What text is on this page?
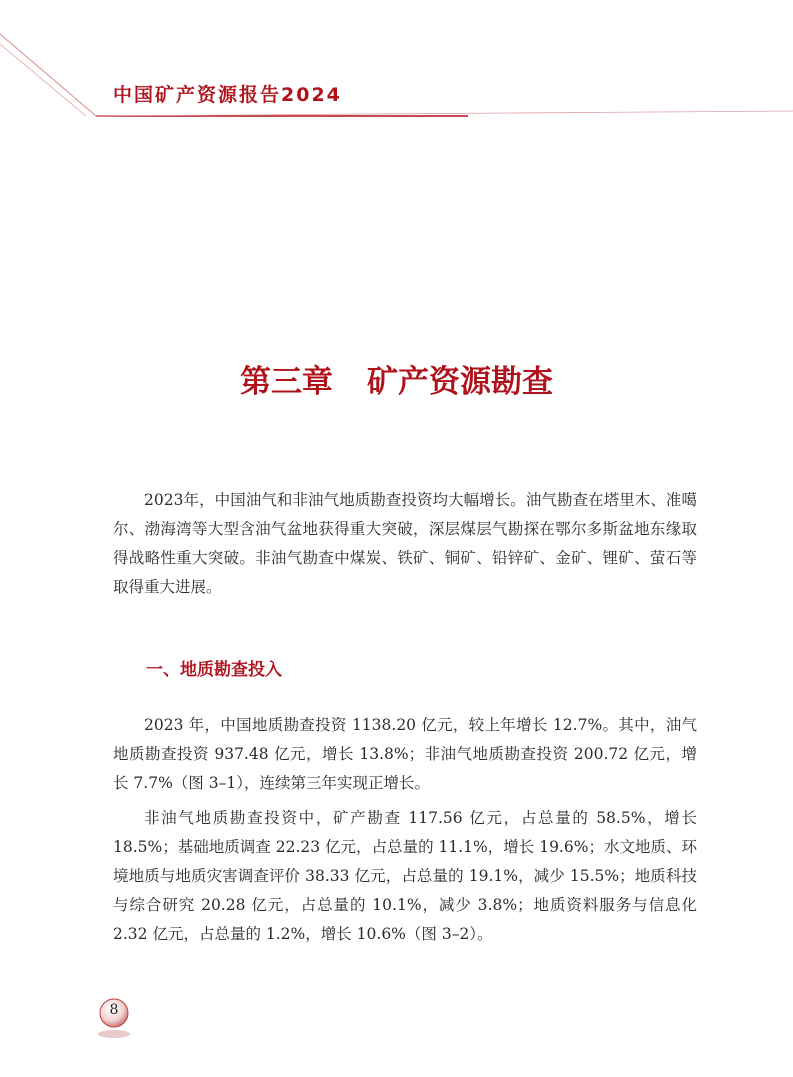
中国矿产资源报告2024
第三章 矿产资源勘查

2023年，中国油气和非油气地质勘查投资均大幅增长。油气勘查在塔里木、准噶尔、渤海湾等大型含油气盆地获得重大突破，深层煤层气勘探在鄂尔多斯盆地东缘取得战略性重大突破。非油气勘查中煤炭、铁矿、铜矿、铅锌矿、金矿、锂矿、萤石等取得重大进展。

一、地质勘查投入

2023 年，中国地质勘查投资 1138.20 亿元，较上年增长 12.7%。其中，油气地质勘查投资 937.48 亿元，增长 13.8%；非油气地质勘查投资 200.72 亿元，增长 7.7%（图 3–1），连续第三年实现正增长。

非油气地质勘查投资中，矿产勘查 117.56 亿元，占总量的 58.5%，增长 18.5%；基础地质调查 22.23 亿元，占总量的 11.1%，增长 19.6%；水文地质、环境地质与地质灾害调查评价 38.33 亿元，占总量的 19.1%，减少 15.5%；地质科技与综合研究 20.28 亿元，占总量的 10.1%，减少 3.8%；地质资料服务与信息化 2.32 亿元，占总量的 1.2%，增长 10.6%（图 3–2）。

8
